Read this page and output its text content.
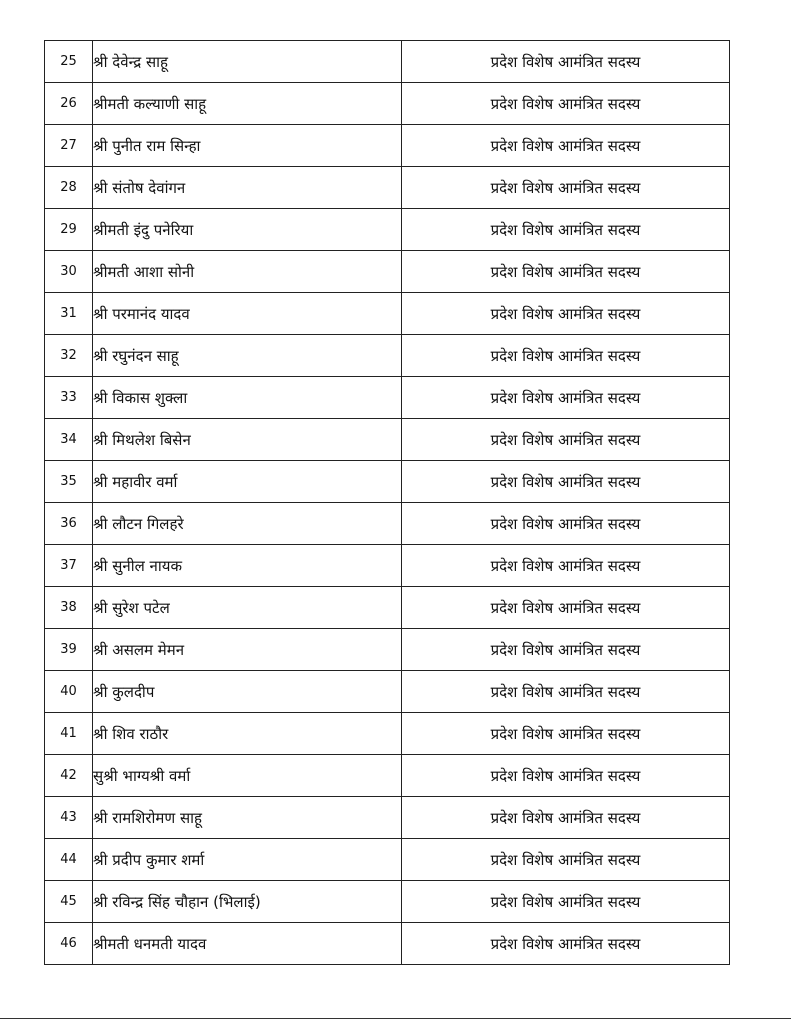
25	श्री देवेन्द्र साहू	प्रदेश विशेष आमंत्रित सदस्य
26	श्रीमती कल्याणी साहू	प्रदेश विशेष आमंत्रित सदस्य
27	श्री पुनीत राम सिन्हा	प्रदेश विशेष आमंत्रित सदस्य
28	श्री संतोष देवांगन	प्रदेश विशेष आमंत्रित सदस्य
29	श्रीमती इंदु पनेरिया	प्रदेश विशेष आमंत्रित सदस्य
30	श्रीमती आशा सोनी	प्रदेश विशेष आमंत्रित सदस्य
31	श्री परमानंद यादव	प्रदेश विशेष आमंत्रित सदस्य
32	श्री रघुनंदन साहू	प्रदेश विशेष आमंत्रित सदस्य
33	श्री विकास शुक्ला	प्रदेश विशेष आमंत्रित सदस्य
34	श्री मिथलेश बिसेन	प्रदेश विशेष आमंत्रित सदस्य
35	श्री महावीर वर्मा	प्रदेश विशेष आमंत्रित सदस्य
36	श्री लौटन गिलहरे	प्रदेश विशेष आमंत्रित सदस्य
37	श्री सुनील नायक	प्रदेश विशेष आमंत्रित सदस्य
38	श्री सुरेश पटेल	प्रदेश विशेष आमंत्रित सदस्य
39	श्री असलम मेमन	प्रदेश विशेष आमंत्रित सदस्य
40	श्री कुलदीप	प्रदेश विशेष आमंत्रित सदस्य
41	श्री शिव राठौर	प्रदेश विशेष आमंत्रित सदस्य
42	सुश्री भाग्यश्री वर्मा	प्रदेश विशेष आमंत्रित सदस्य
43	श्री रामशिरोमण साहू	प्रदेश विशेष आमंत्रित सदस्य
44	श्री प्रदीप कुमार शर्मा	प्रदेश विशेष आमंत्रित सदस्य
45	श्री रविन्द्र सिंह चौहान (भिलाई)	प्रदेश विशेष आमंत्रित सदस्य
46	श्रीमती धनमती यादव	प्रदेश विशेष आमंत्रित सदस्य
